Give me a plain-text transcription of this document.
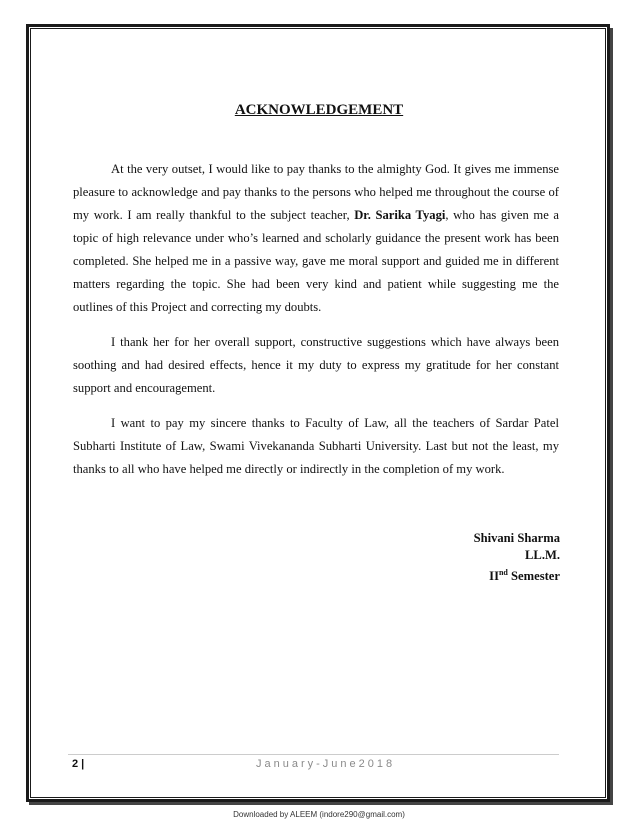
ACKNOWLEDGEMENT

At the very outset, I would like to pay thanks to the almighty God. It gives me immense pleasure to acknowledge and pay thanks to the persons who helped me throughout the course of my work. I am really thankful to the subject teacher, Dr. Sarika Tyagi, who has given me a topic of high relevance under who’s learned and scholarly guidance the present work has been completed. She helped me in a passive way, gave me moral support and guided me in different matters regarding the topic. She had been very kind and patient while suggesting me the outlines of this Project and correcting my doubts.

I thank her for her overall support, constructive suggestions which have always been soothing and had desired effects, hence it my duty to express my gratitude for her constant support and encouragement.

I want to pay my sincere thanks to Faculty of Law, all the teachers of Sardar Patel Subharti Institute of Law, Swami Vivekananda Subharti University. Last but not the least, my thanks to all who have helped me directly or indirectly in the completion of my work.

Shivani Sharma
LL.M.
IInd Semester
2 |	January-June2018
Downloaded by ALEEM (indore290@gmail.com)
